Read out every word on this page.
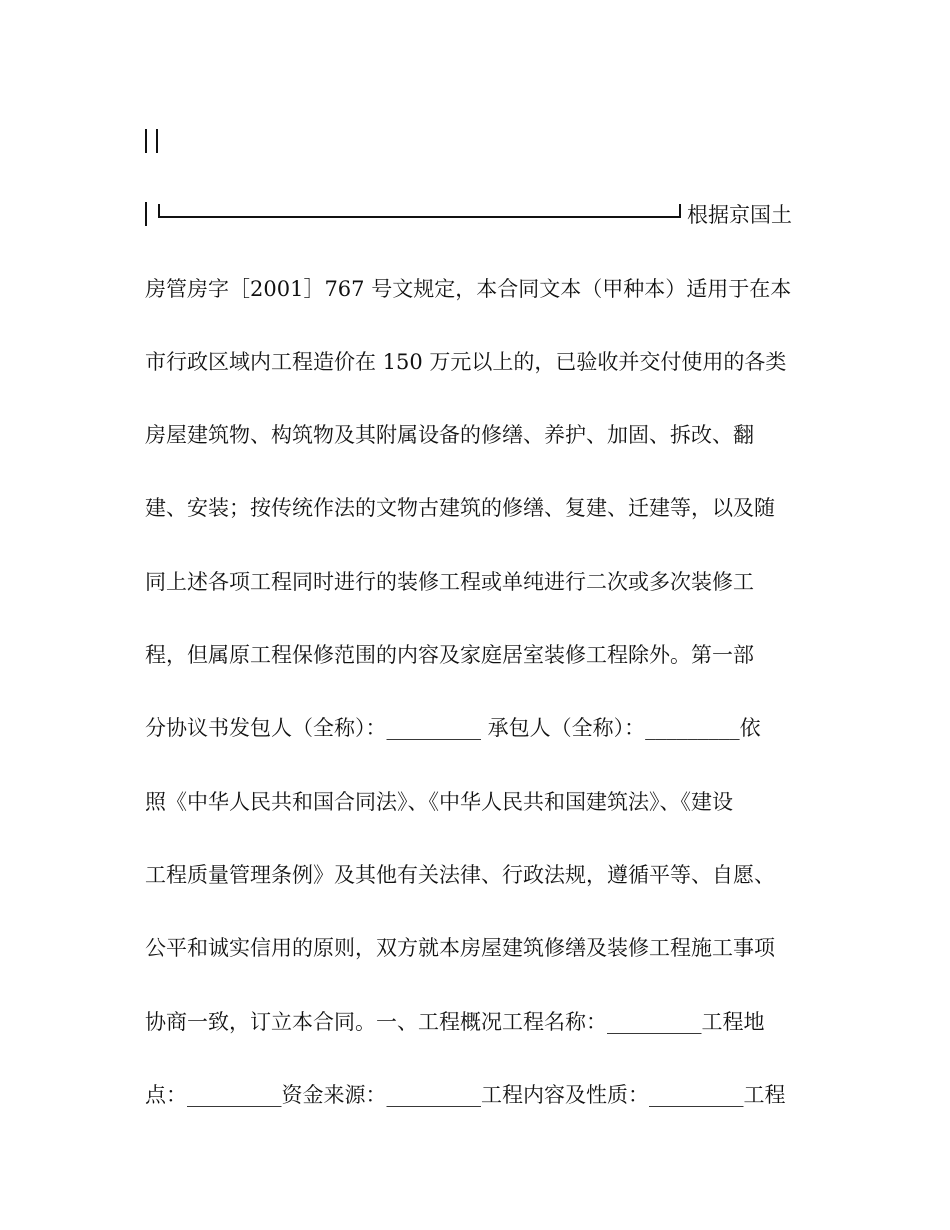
根据京国土
房管房字［2001］767 号文规定，本合同文本（甲种本）适用于在本
市行政区域内工程造价在 150 万元以上的，已验收并交付使用的各类
房屋建筑物、构筑物及其附属设备的修缮、养护、加固、拆改、翻
建、安装；按传统作法的文物古建筑的修缮、复建、迁建等，以及随
同上述各项工程同时进行的装修工程或单纯进行二次或多次装修工
程，但属原工程保修范围的内容及家庭居室装修工程除外。第一部
分协议书发包人（全称）：_________ 承包人（全称）：_________依
照《中华人民共和国合同法》、《中华人民共和国建筑法》、《建设
工程质量管理条例》及其他有关法律、行政法规，遵循平等、自愿、
公平和诚实信用的原则，双方就本房屋建筑修缮及装修工程施工事项
协商一致，订立本合同。一、工程概况工程名称：_________工程地
点：_________资金来源：_________工程内容及性质：_________工程
